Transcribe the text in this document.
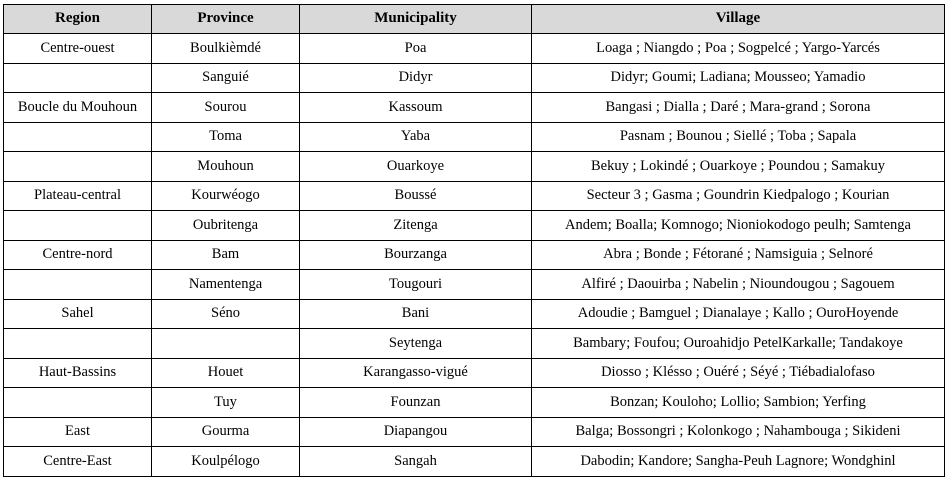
Region	Province	Municipality	Village
Centre-ouest	Boulkièmdé	Poa	Loaga ; Niangdo ; Poa ; Sogpelcé ; Yargo-Yarcés
	Sanguié	Didyr	Didyr; Goumi; Ladiana; Mousseo; Yamadio
Boucle du Mouhoun	Sourou	Kassoum	Bangasi ; Dialla ; Daré ; Mara-grand ; Sorona
	Toma	Yaba	Pasnam ; Bounou ; Siellé ; Toba ; Sapala
	Mouhoun	Ouarkoye	Bekuy ; Lokindé ; Ouarkoye ; Poundou ; Samakuy
Plateau-central	Kourwéogo	Boussé	Secteur 3 ; Gasma ; Goundrin Kiedpalogo ; Kourian
	Oubritenga	Zitenga	Andem; Boalla; Komnogo; Nioniokodogo peulh; Samtenga
Centre-nord	Bam	Bourzanga	Abra ; Bonde ; Fétorané ; Namsiguia ; Selnoré
	Namentenga	Tougouri	Alfiré ; Daouirba ; Nabelin ; Nioundougou ; Sagouem
Sahel	Séno	Bani	Adoudie ; Bamguel ; Dianalaye ; Kallo ; OuroHoyende
		Seytenga	Bambary; Foufou; Ouroahidjo PetelKarkalle; Tandakoye
Haut-Bassins	Houet	Karangasso-vigué	Diosso ; Klésso ; Ouéré ; Séyé ; Tiébadialofaso
	Tuy	Founzan	Bonzan; Kouloho; Lollio; Sambion; Yerfing
East	Gourma	Diapangou	Balga; Bossongri ; Kolonkogo ; Nahambouga ; Sikideni
Centre-East	Koulpélogo	Sangah	Dabodin; Kandore; Sangha-Peuh Lagnore; Wondghinl
